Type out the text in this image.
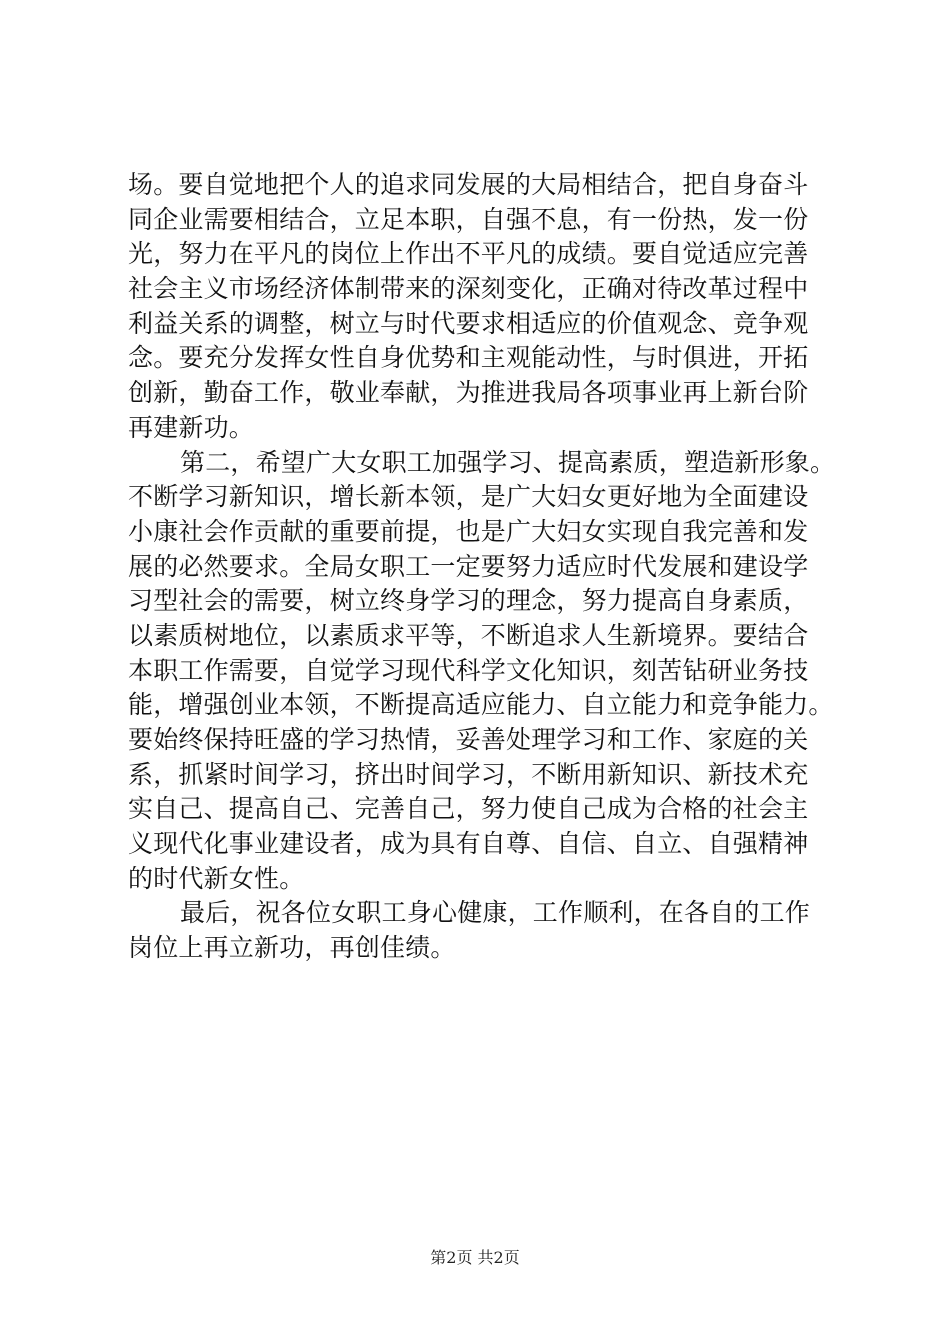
场。要自觉地把个人的追求同发展的大局相结合，把自身奋斗
同企业需要相结合，立足本职，自强不息，有一份热，发一份
光，努力在平凡的岗位上作出不平凡的成绩。要自觉适应完善
社会主义市场经济体制带来的深刻变化，正确对待改革过程中
利益关系的调整，树立与时代要求相适应的价值观念、竞争观
念。要充分发挥女性自身优势和主观能动性，与时俱进，开拓
创新，勤奋工作，敬业奉献，为推进我局各项事业再上新台阶
再建新功。
第二，希望广大女职工加强学习、提高素质，塑造新形象。
不断学习新知识，增长新本领，是广大妇女更好地为全面建设
小康社会作贡献的重要前提，也是广大妇女实现自我完善和发
展的必然要求。全局女职工一定要努力适应时代发展和建设学
习型社会的需要，树立终身学习的理念，努力提高自身素质，
以素质树地位，以素质求平等，不断追求人生新境界。要结合
本职工作需要，自觉学习现代科学文化知识，刻苦钻研业务技
能，增强创业本领，不断提高适应能力、自立能力和竞争能力。
要始终保持旺盛的学习热情，妥善处理学习和工作、家庭的关
系，抓紧时间学习，挤出时间学习，不断用新知识、新技术充
实自己、提高自己、完善自己，努力使自己成为合格的社会主
义现代化事业建设者，成为具有自尊、自信、自立、自强精神
的时代新女性。
最后，祝各位女职工身心健康，工作顺利，在各自的工作
岗位上再立新功，再创佳绩。
第2页 共2页
